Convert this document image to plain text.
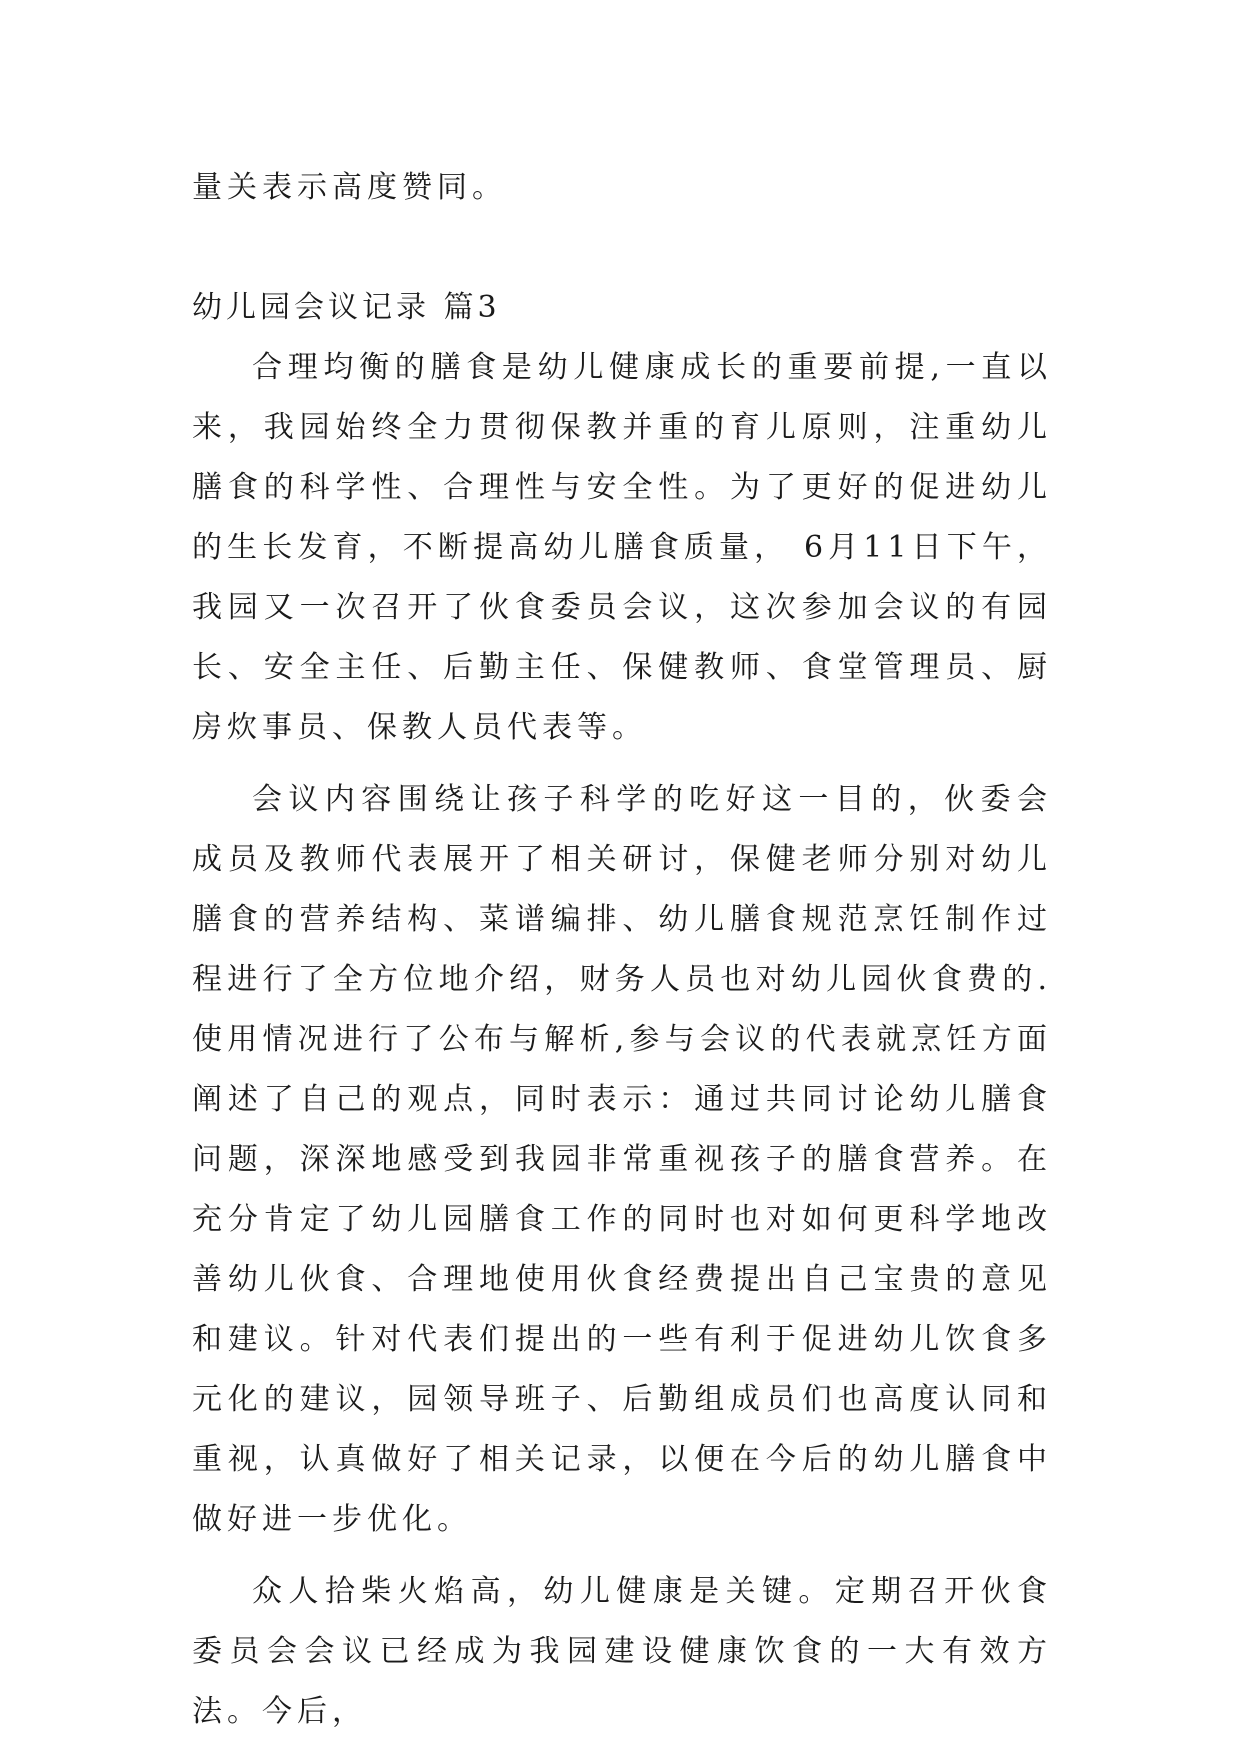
量关表示高度赞同。

幼儿园会议记录 篇3

合理均衡的膳食是幼儿健康成长的重要前提,一直以来，我园始终全力贯彻保教并重的育儿原则，注重幼儿膳食的科学性、合理性与安全性。为了更好的促进幼儿的生长发育，不断提高幼儿膳食质量， 6月11日下午，我园又一次召开了伙食委员会议，这次参加会议的有园长、安全主任、后勤主任、保健教师、食堂管理员、厨房炊事员、保教人员代表等。

会议内容围绕让孩子科学的吃好这一目的，伙委会成员及教师代表展开了相关研讨，保健老师分别对幼儿膳食的营养结构、菜谱编排、幼儿膳食规范烹饪制作过程进行了全方位地介绍，财务人员也对幼儿园伙食费的.使用情况进行了公布与解析,参与会议的代表就烹饪方面阐述了自己的观点，同时表示：通过共同讨论幼儿膳食问题，深深地感受到我园非常重视孩子的膳食营养。在充分肯定了幼儿园膳食工作的同时也对如何更科学地改善幼儿伙食、合理地使用伙食经费提出自己宝贵的意见和建议。针对代表们提出的一些有利于促进幼儿饮食多元化的建议，园领导班子、后勤组成员们也高度认同和重视，认真做好了相关记录，以便在今后的幼儿膳食中做好进一步优化。

众人拾柴火焰高，幼儿健康是关键。定期召开伙食委员会会议已经成为我园建设健康饮食的一大有效方法。今后，
